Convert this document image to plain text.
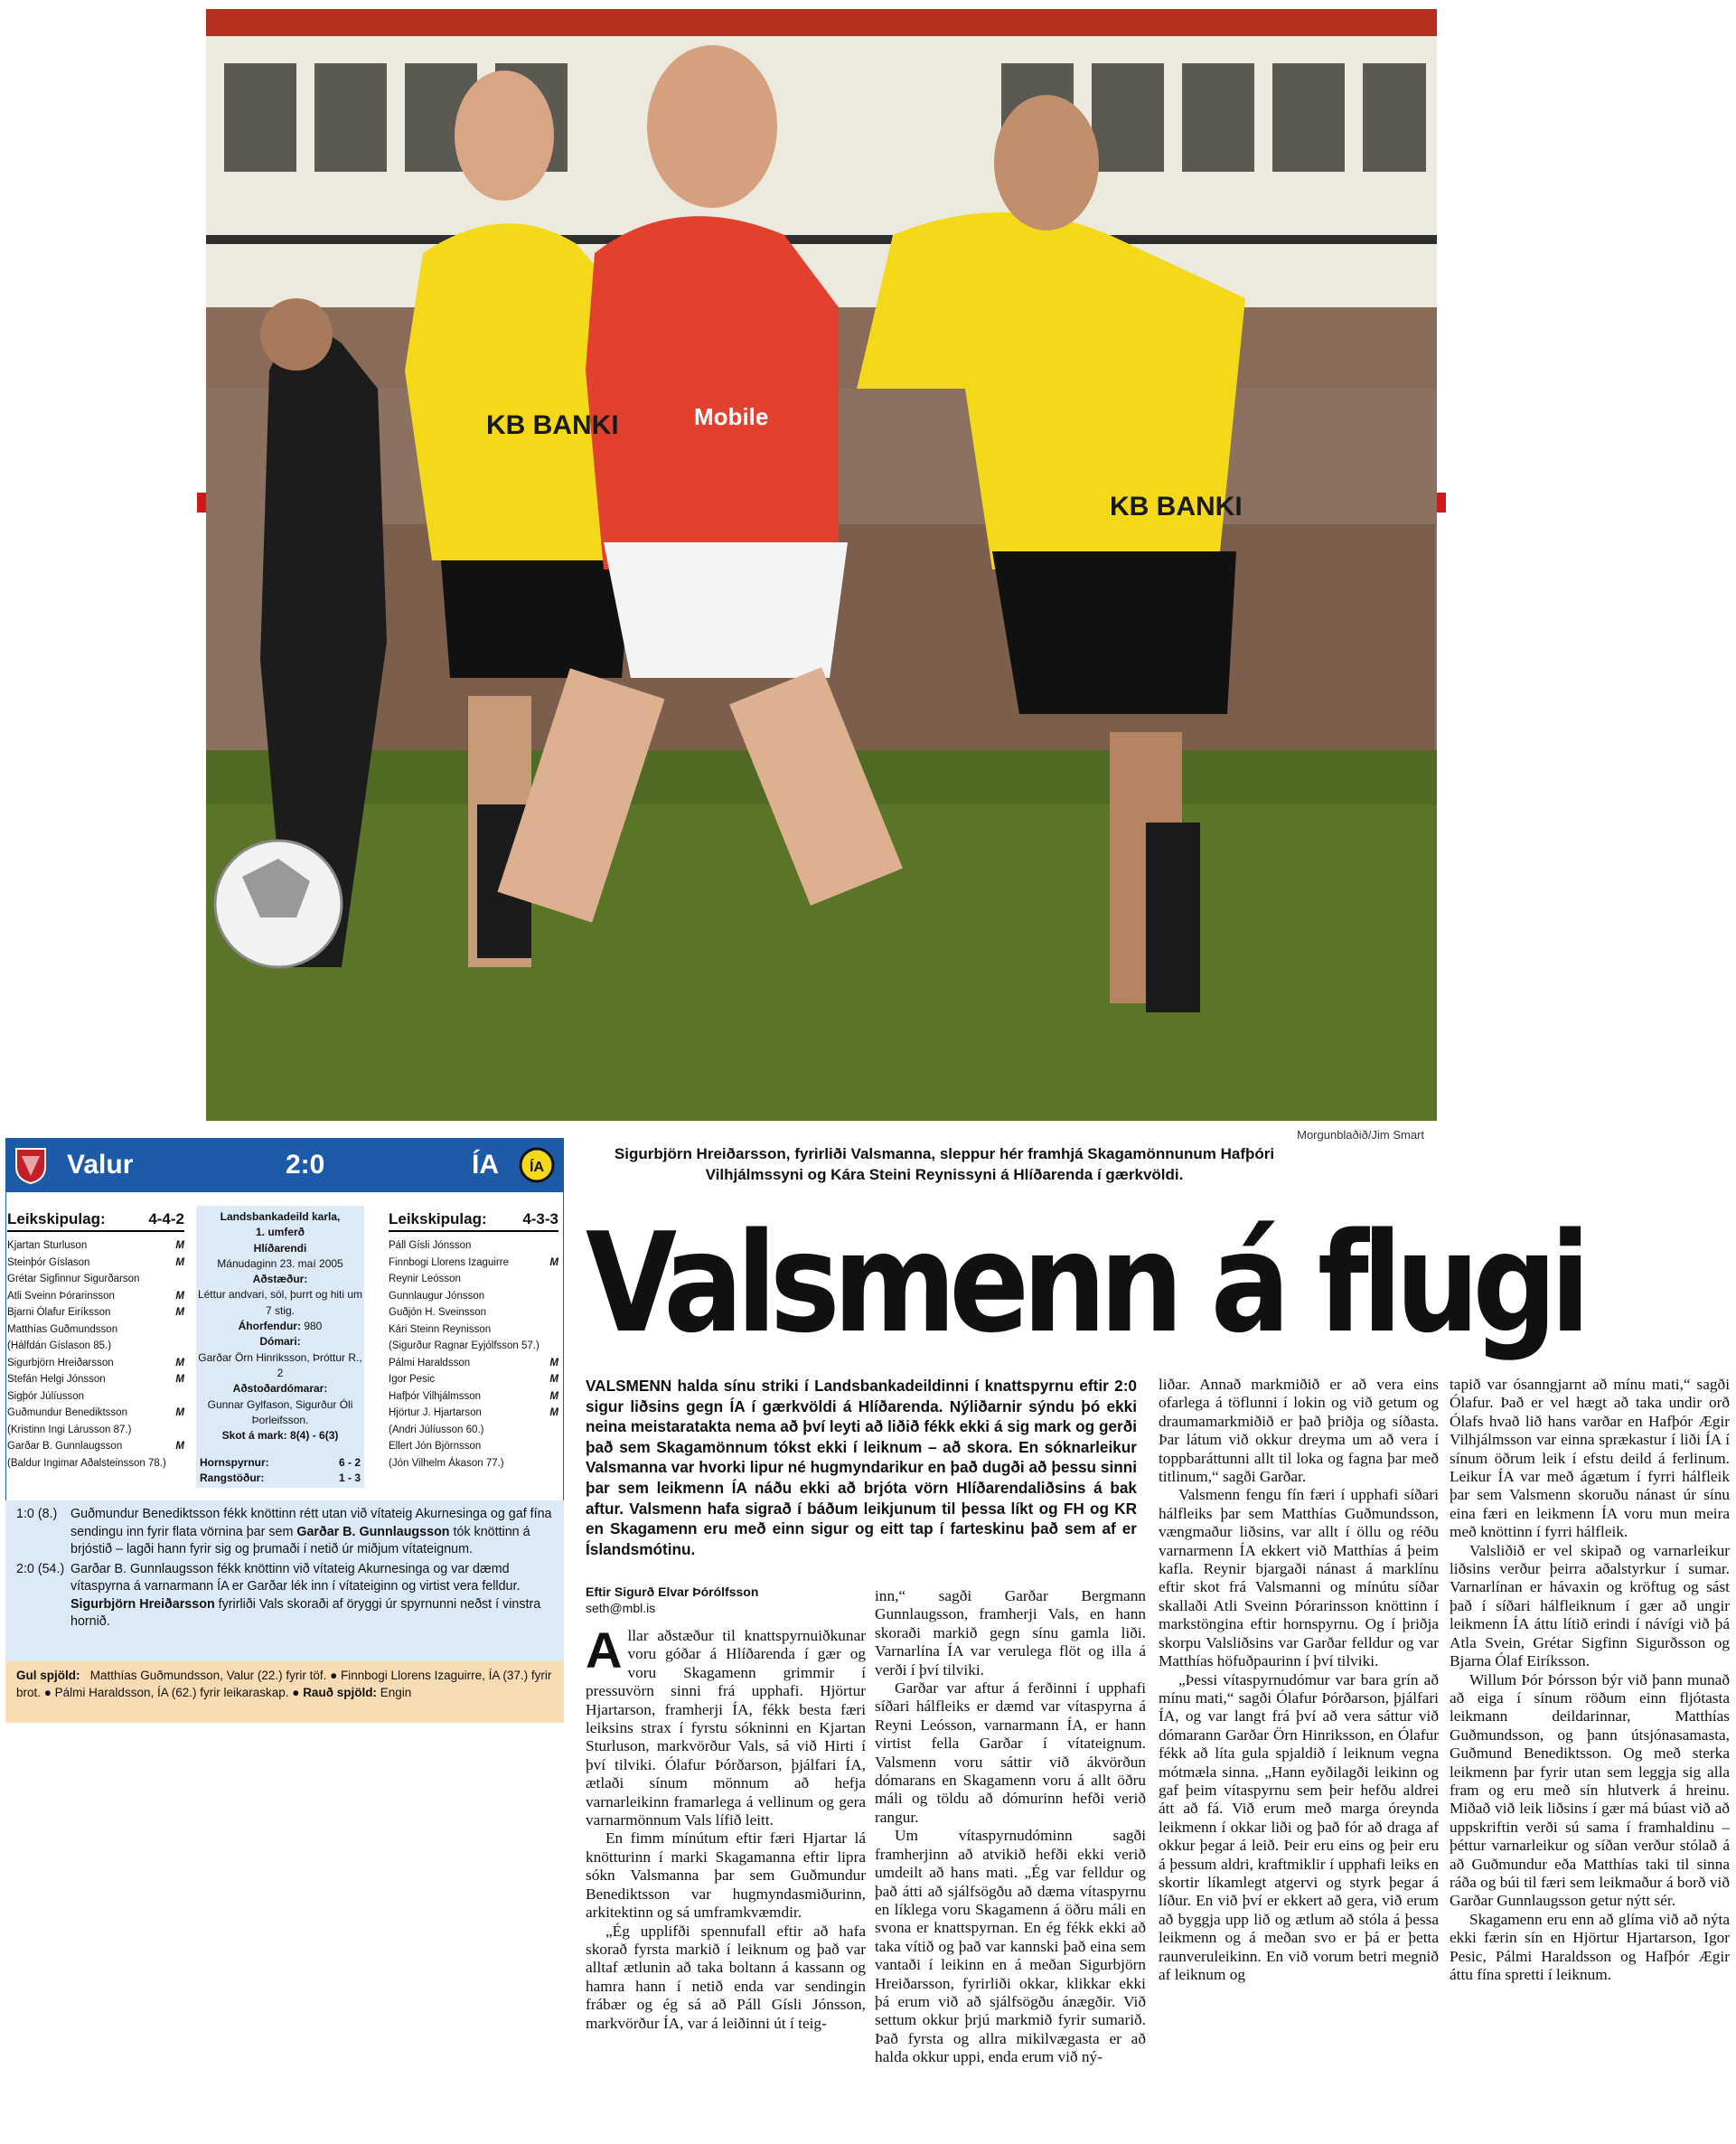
KB BANKI	Mobile
KB BANKI
Morgunblaðið/Jim Smart
Sigurbjörn Hreiðarsson, fyrirliði Valsmanna, sleppur hér framhjá Skagamönnunum Hafþóri Vilhjálmssyni og Kára Steini Reynissyni á Hlíðarenda í gærkvöldi.
Valur	2:0	ÍA ÍA
Leikskipulag:	4-4-2
Kjartan Sturluson	M
Steinþór Gíslason	M
Grétar Sigfinnur Sigurðarson
Atli Sveinn Þórarinsson	M
Bjarni Ólafur Eiríksson	M
Matthías Guðmundsson
(Hálfdán Gíslason 85.)
Sigurbjörn Hreiðarsson	M
Stefán Helgi Jónsson	M
Sigþór Júlíusson
Guðmundur Benediktsson	M
(Kristinn Ingi Lárusson 87.)
Garðar B. Gunnlaugsson	M
(Baldur Ingimar Aðalsteinsson 78.)
Landsbankadeild karla,
1. umferð
Hlíðarendi
Mánudaginn 23. maí 2005
Aðstæður:
Léttur andvari, sól, þurrt og hiti um 7 stig.
Áhorfendur: 980
Dómari:
Garðar Örn Hinriksson, Þróttur R., 2
Aðstoðardómarar:
Gunnar Gylfason, Sigurður Óli Þorleifsson.
Skot á mark: 8(4) - 6(3)
Hornspyrnur:	6 - 2
Rangstöður:	1 - 3
Leikskipulag: 4-3-3
Páll Gísli Jónsson
Finnbogi Llorens Izaguirre	M
Reynir Leósson
Gunnlaugur Jónsson
Guðjón H. Sveinsson
Kári Steinn Reynisson
(Sigurður Ragnar Eyjólfsson 57.)
Pálmi Haraldsson	M
Igor Pesic	M
Hafþór Vilhjálmsson	M
Hjörtur J. Hjartarson	M
(Andri Júlíusson 60.)
Ellert Jón Björnsson
(Jón Vilhelm Ákason 77.)
1:0 (8.)	Guðmundur Benediktsson fékk knöttinn rétt utan við vítateig Akurnesinga og gaf fína sendingu inn fyrir flata vörnina þar sem Garðar B. Gunnlaugsson tók knöttinn á brjóstið – lagði hann fyrir sig og þrumaði í netið úr miðjum vítateignum.
2:0 (54.) Garðar B. Gunnlaugsson fékk knöttinn við vítateig Akurnesinga og var dæmd vítaspyrna á varnarmann ÍA er Garðar lék inn í vítateiginn og virtist vera felldur. Sigurbjörn Hreiðarsson fyrirliði Vals skoraði af öryggi úr spyrnunni neðst í vinstra hornið.
Gul spjöld: Matthías Guðmundsson, Valur (22.) fyrir töf. ● Finnbogi Llorens Izaguirre, ÍA (37.) fyrir brot. ● Pálmi Haraldsson, ÍA (62.) fyrir leikaraskap. ● Rauð spjöld: Engin
Valsmenn á flugi
VALSMENN halda sínu striki í Landsbankadeildinni í knattspyrnu eftir 2:0 sigur liðsins gegn ÍA í gærkvöldi á Hlíðarenda. Nýliðarnir sýndu þó ekki neina meistaratakta nema að því leyti að liðið fékk ekki á sig mark og gerði það sem Skagamönnum tókst ekki í leiknum – að skora. En sóknarleikur Valsmanna var hvorki lipur né hugmyndarikur en það dugði að þessu sinni þar sem leikmenn ÍA náðu ekki að brjóta vörn Hlíðarendaliðsins á bak aftur. Valsmenn hafa sigrað í báðum leikjunum til þessa líkt og FH og KR en Skagamenn eru með einn sigur og eitt tap í farteskinu það sem af er Íslandsmótinu.
Eftir Sigurð Elvar Þórólfsson
seth@mbl.is
A llar aðstæður til knattspyrnuiðkunar voru góðar á Hlíðarenda í gær og voru Skagamenn grimmir í pressuvörn sinni frá upphafi. Hjörtur Hjartarson, framherji ÍA, fékk besta færi leiksins strax í fyrstu sókninni en Kjartan Sturluson, markvörður Vals, sá við Hirti í því tilviki. Ólafur Þórðarson, þjálfari ÍA, ætlaði sínum mönnum að hefja varnarleikinn framarlega á vellinum og gera varnarmönnum Vals lífið leitt.

En fimm mínútum eftir færi Hjartar lá knötturinn í marki Skagamanna eftir lipra sókn Valsmanna þar sem Guðmundur Benediktsson var hugmyndasmiðurinn, arkitektinn og sá umframkvæmdir.

„Ég upplifði spennufall eftir að hafa skorað fyrsta markið í leiknum og það var alltaf ætlunin að taka boltann á kassann og hamra hann í netið enda var sendingin frábær og ég sá að Páll Gísli Jónsson, markvörður ÍA, var á leiðinni út í teig-

inn,“ sagði Garðar Bergmann Gunnlaugsson, framherji Vals, en hann skoraði markið gegn sínu gamla liði. Varnarlína ÍA var verulega flöt og illa á verði í því tilviki.

Garðar var aftur á ferðinni í upphafi síðari hálfleiks er dæmd var vítaspyrna á Reyni Leósson, varnarmann ÍA, er hann virtist fella Garðar í vítateignum. Valsmenn voru sáttir við ákvörðun dómarans en Skagamenn voru á allt öðru máli og töldu að dómurinn hefði verið rangur.

Um vítaspyrnudóminn sagði framherjinn að atvikið hefði ekki verið umdeilt að hans mati. „Ég var felldur og það átti að sjálfsögðu að dæma vítaspyrnu en líklega voru Skagamenn á öðru máli en svona er knattspyrnan. En ég fékk ekki að taka vítið og það var kannski það eina sem vantaði í leikinn en á meðan Sigurbjörn Hreiðarsson, fyrirliði okkar, klikkar ekki þá erum við að sjálfsögðu ánægðir. Við settum okkur þrjú markmið fyrir sumarið. Það fyrsta og allra mikilvægasta er að halda okkur uppi, enda erum við ný-

liðar. Annað markmiðið er að vera eins ofarlega á töflunni í lokin og við getum og draumamarkmiðið er það þriðja og síðasta. Þar látum við okkur dreyma um að vera í toppbaráttunni allt til loka og fagna þar með titlinum,“ sagði Garðar.

Valsmenn fengu fín færi í upphafi síðari hálfleiks þar sem Matthías Guðmundsson, vængmaður liðsins, var allt í öllu og réðu varnarmenn ÍA ekkert við Matthías á þeim kafla. Reynir bjargaði nánast á marklínu eftir skot frá Valsmanni og mínútu síðar skallaði Atli Sveinn Þórarinsson knöttinn í markstöngina eftir hornspyrnu. Og í þriðja skorpu Valsliðsins var Garðar felldur og var Matthías höfuðpaurinn í því tilviki.

„Þessi vítaspyrnudómur var bara grín að mínu mati,“ sagði Ólafur Þórðarson, þjálfari ÍA, og var langt frá því að vera sáttur við dómarann Garðar Örn Hinriksson, en Ólafur fékk að líta gula spjaldið í leiknum vegna mótmæla sinna. „Hann eyðilagði leikinn og gaf þeim vítaspyrnu sem þeir hefðu aldrei átt að fá. Við erum með marga óreynda leikmenn í okkar liði og það fór að draga af okkur þegar á leið. Þeir eru eins og þeir eru á þessum aldri, kraftmiklir í upphafi leiks en skortir líkamlegt atgervi og styrk þegar á líður. En við því er ekkert að gera, við erum að byggja upp lið og ætlum að stóla á þessa leikmenn og á meðan svo er þá er þetta raunveruleikinn. En við vorum betri megnið af leiknum og

tapið var ósanngjarnt að mínu mati,“ sagði Ólafur. Það er vel hægt að taka undir orð Ólafs hvað lið hans varðar en Hafþór Ægir Vilhjálmsson var einna sprækastur í liði ÍA í sínum öðrum leik í efstu deild á ferlinum. Leikur ÍA var með ágætum í fyrri hálfleik þar sem Valsmenn skoruðu nánast úr sínu eina færi en leikmenn ÍA voru mun meira með knöttinn í fyrri hálfleik.

Valsliðið er vel skipað og varnarleikur liðsins verður þeirra aðalstyrkur í sumar. Varnarlínan er hávaxin og kröftug og sást það í síðari hálfleiknum í gær að ungir leikmenn ÍA áttu lítið erindi í návígi við þá Atla Svein, Grétar Sigfinn Sigurðsson og Bjarna Ólaf Eiríksson.

Willum Þór Þórsson býr við þann munað að eiga í sínum röðum einn fljótasta leikmann deildarinnar, Matthías Guðmundsson, og þann útsjónasamasta, Guðmund Benediktsson. Og með sterka leikmenn þar fyrir utan sem leggja sig alla fram og eru með sín hlutverk á hreinu. Miðað við leik liðsins í gær má búast við að uppskriftin verði sú sama í framhaldinu – þéttur varnarleikur og síðan verður stólað á að Guðmundur eða Matthías taki til sinna ráða og búi til færi sem leikmaður á borð við Garðar Gunnlaugsson getur nýtt sér.

Skagamenn eru enn að glíma við að nýta ekki færin sín en Hjörtur Hjartarson, Igor Pesic, Pálmi Haraldsson og Hafþór Ægir áttu fína spretti í leiknum.
